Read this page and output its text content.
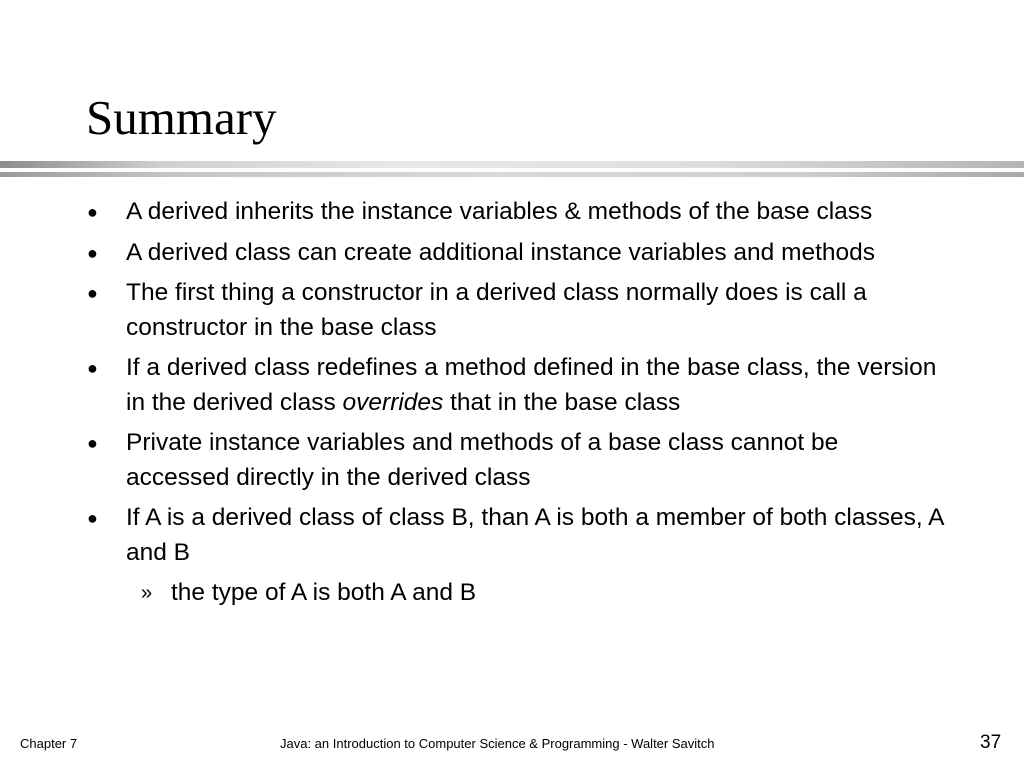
Summary
● A derived inherits the instance variables & methods of the base class
● A derived class can create additional instance variables and methods
● The first thing a constructor in a derived class normally does is call a constructor in the base class
● If a derived class redefines a method defined in the base class, the version in the derived class overrides that in the base class
● Private instance variables and methods of a base class cannot be accessed directly in the derived class
● If A is a derived class of class B, than A is both a member of both classes, A and B
» the type of A is both A and B
Chapter 7	Java: an Introduction to Computer Science & Programming - Walter Savitch	37
